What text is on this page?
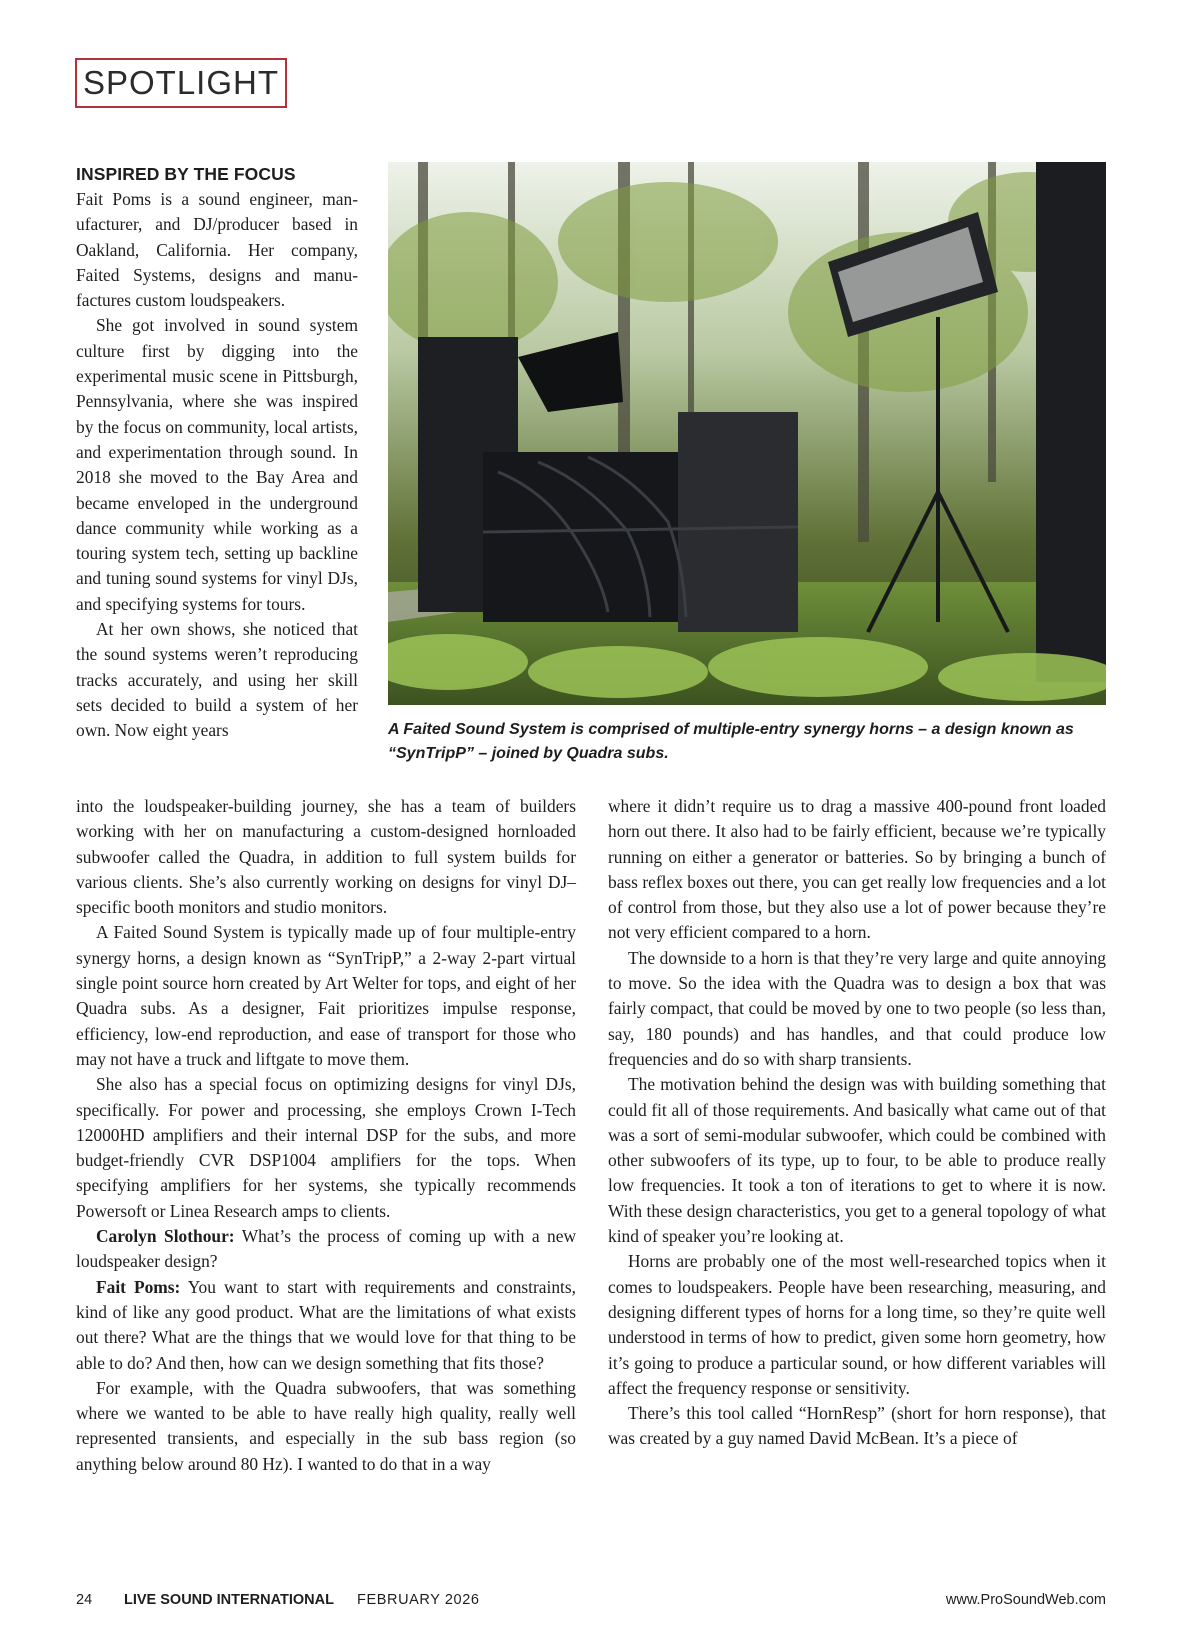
SPOTLIGHT
A Faited Sound System is comprised of multiple-entry synergy horns – a design known as
“SynTripP” – joined by Quadra subs.
INSPIRED BY THE FOCUS

Fait Poms is a sound engineer, manufacturer, and DJ/producer based in Oakland, California. Her company, Faited Systems, designs and manufactures custom loudspeakers.

She got involved in sound system culture first by digging into the experimental music scene in Pittsburgh, Pennsylvania, where she was inspired by the focus on community, local artists, and experimentation through sound. In 2018 she moved to the Bay Area and became enveloped in the underground dance community while working as a touring system tech, setting up backline and tuning sound systems for vinyl DJs, and specifying systems for tours.

At her own shows, she noticed that the sound systems weren’t reproducing tracks accurately, and using her skill sets decided to build a system of her own. Now eight years

into the loudspeaker-building journey, she has a team of builders working with her on manufacturing a custom-designed hornloaded subwoofer called the Quadra, in addition to full system builds for various clients. She’s also currently working on designs for vinyl DJ–specific booth monitors and studio monitors.

A Faited Sound System is typically made up of four multiple-entry synergy horns, a design known as “SynTripP,” a 2-way 2-part virtual single point source horn created by Art Welter for tops, and eight of her Quadra subs. As a designer, Fait prioritizes impulse response, efficiency, low-end reproduction, and ease of transport for those who may not have a truck and liftgate to move them.

She also has a special focus on optimizing designs for vinyl DJs, specifically. For power and processing, she employs Crown I-Tech 12000HD amplifiers and their internal DSP for the subs, and more budget-friendly CVR DSP1004 amplifiers for the tops. When specifying amplifiers for her systems, she typically recommends Powersoft or Linea Research amps to clients.

Carolyn Slothour: What’s the process of coming up with a new loudspeaker design?

Fait Poms: You want to start with requirements and constraints, kind of like any good product. What are the limitations of what exists out there? What are the things that we would love for that thing to be able to do? And then, how can we design something that fits those?

For example, with the Quadra subwoofers, that was something where we wanted to be able to have really high quality, really well represented transients, and especially in the sub bass region (so anything below around 80 Hz). I wanted to do that in a way

where it didn’t require us to drag a massive 400-pound front loaded horn out there. It also had to be fairly efficient, because we’re typically running on either a generator or batteries. So by bringing a bunch of bass reflex boxes out there, you can get really low frequencies and a lot of control from those, but they also use a lot of power because they’re not very efficient compared to a horn.

The downside to a horn is that they’re very large and quite annoying to move. So the idea with the Quadra was to design a box that was fairly compact, that could be moved by one to two people (so less than, say, 180 pounds) and has handles, and that could produce low frequencies and do so with sharp transients.

The motivation behind the design was with building something that could fit all of those requirements. And basically what came out of that was a sort of semi-modular subwoofer, which could be combined with other subwoofers of its type, up to four, to be able to produce really low frequencies. It took a ton of iterations to get to where it is now. With these design characteristics, you get to a general topology of what kind of speaker you’re looking at.

Horns are probably one of the most well-researched topics when it comes to loudspeakers. People have been researching, measuring, and designing different types of horns for a long time, so they’re quite well understood in terms of how to predict, given some horn geometry, how it’s going to produce a particular sound, or how different variables will affect the frequency response or sensitivity.

There’s this tool called “HornResp” (short for horn response), that was created by a guy named David McBean. It’s a piece of

24 LIVE SOUND INTERNATIONAL FEBRUARY 2026	www.ProSoundWeb.com
